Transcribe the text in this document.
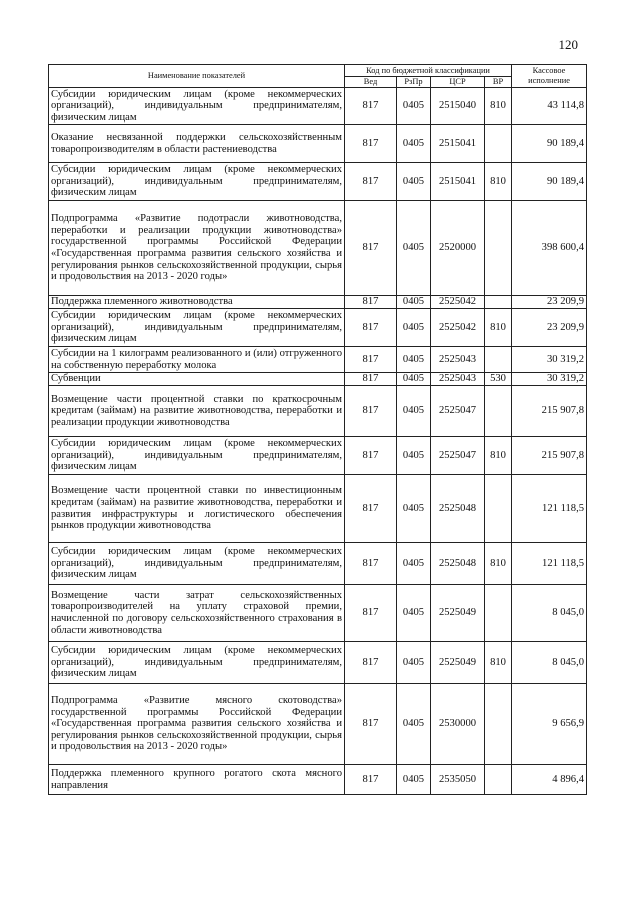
120
Наименование показателей	Код по бюджетной классификации				Кассовое исполнение
	Вед	РзПр	ЦСР	ВР	
Субсидии юридическим лицам (кроме некоммерческих организаций), индивидуальным предпринимателям, физическим лицам	817	0405	2515040	810	43 114,8
Оказание несвязанной поддержки сельскохозяйственным товаропроизводителям в области растениеводства	817	0405	2515041		90 189,4
Субсидии юридическим лицам (кроме некоммерческих организаций), индивидуальным предпринимателям, физическим лицам	817	0405	2515041	810	90 189,4
Подпрограмма «Развитие подотрасли животноводства, переработки и реализации продукции животноводства» государственной программы Российской Федерации «Государственная программа развития сельского хозяйства и регулирования рынков сельскохозяйственной продукции, сырья и продовольствия на 2013 - 2020 годы»	817	0405	2520000		398 600,4
Поддержка племенного животноводства	817	0405	2525042		23 209,9
Субсидии юридическим лицам (кроме некоммерческих организаций), индивидуальным предпринимателям, физическим лицам	817	0405	2525042	810	23 209,9
Субсидии на 1 килограмм реализованного и (или) отгруженного на собственную переработку молока	817	0405	2525043		30 319,2
Субвенции	817	0405	2525043	530	30 319,2
Возмещение части процентной ставки по краткосрочным кредитам (займам) на развитие животноводства, переработки и реализации продукции животноводства	817	0405	2525047		215 907,8
Субсидии юридическим лицам (кроме некоммерческих организаций), индивидуальным предпринимателям, физическим лицам	817	0405	2525047	810	215 907,8
Возмещение части процентной ставки по инвестиционным кредитам (займам) на развитие животноводства, переработки и развития инфраструктуры и логистического обеспечения рынков продукции животноводства	817	0405	2525048		121 118,5
Субсидии юридическим лицам (кроме некоммерческих организаций), индивидуальным предпринимателям, физическим лицам	817	0405	2525048	810	121 118,5
Возмещение части затрат сельскохозяйственных товаропроизводителей на уплату страховой премии, начисленной по договору сельскохозяйственного страхования в области животноводства	817	0405	2525049		8 045,0
Субсидии юридическим лицам (кроме некоммерческих организаций), индивидуальным предпринимателям, физическим лицам	817	0405	2525049	810	8 045,0
Подпрограмма «Развитие мясного скотоводства» государственной программы Российской Федерации «Государственная программа развития сельского хозяйства и регулирования рынков сельскохозяйственной продукции, сырья и продовольствия на 2013 - 2020 годы»	817	0405	2530000		9 656,9
Поддержка племенного крупного рогатого скота мясного направления	817	0405	2535050		4 896,4
